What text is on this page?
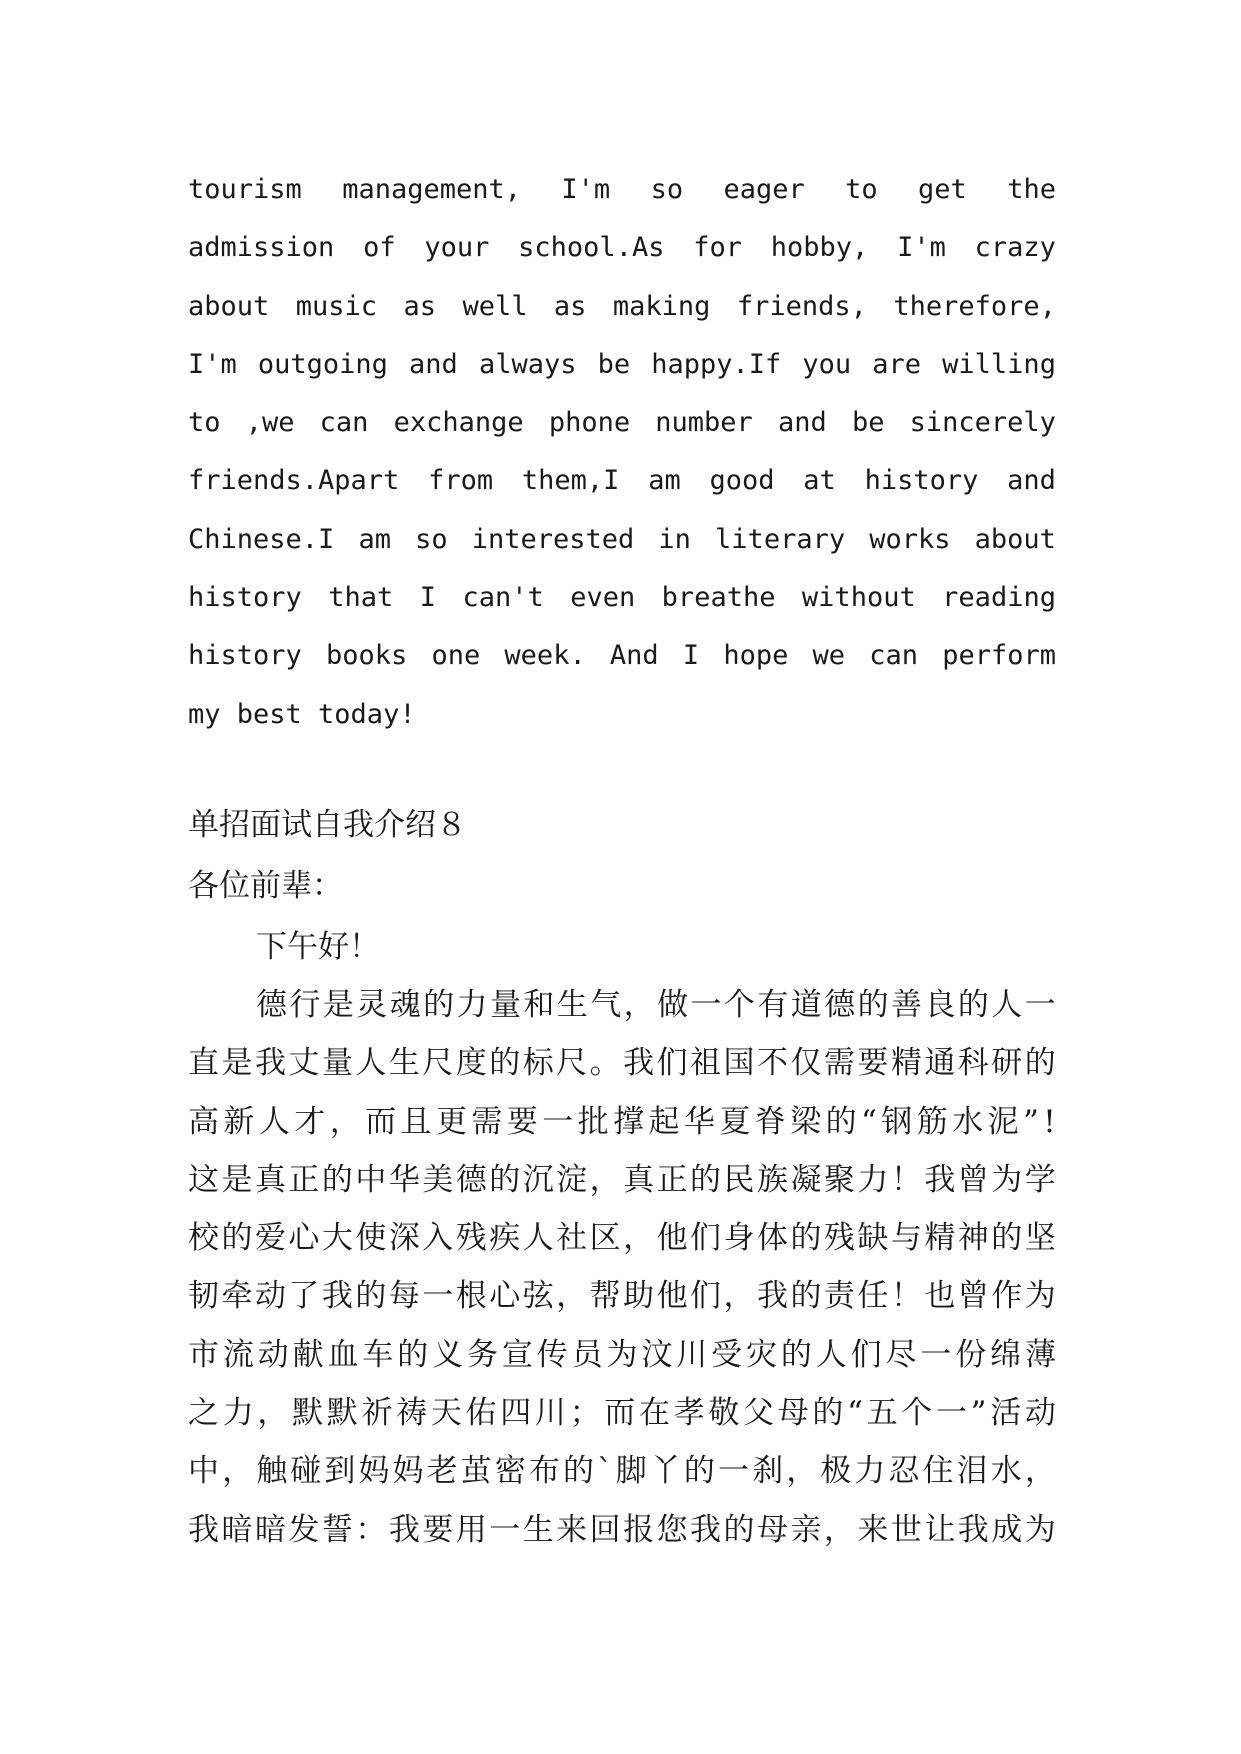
tourism management, I'm so eager to get the
admission of your school.As for hobby, I'm crazy
about music as well as making friends, therefore,
I'm outgoing and always be happy.If you are willing
to ,we can exchange phone number and be sincerely
friends.Apart from them,I am good at history and
Chinese.I am so interested in literary works about
history that I can't even breathe without reading
history books one week. And I hope we can perform
my best today!
单招面试自我介绍８
各位前辈：
下午好！
德 行 是 灵 魂 的 力 量 和 生 气 ， 做 一 个 有 道 德 的 善 良 的 人 一
直 是 我 丈 量 人 生 尺 度 的 标 尺 。 我 们 祖 国 不 仅 需 要 精 通 科 研 的
高 新 人 才 ， 而 且 更 需 要 一 批 撑 起 华 夏 脊 梁 的 “ 钢 筋 水 泥 ” !
这 是 真 正 的 中 华 美 德 的 沉 淀 ， 真 正 的 民 族 凝 聚 力 ！ 我 曾 为 学
校 的 爱 心 大 使 深 入 残 疾 人 社 区 ， 他 们 身 体 的 残 缺 与 精 神 的 坚
韧 牵 动 了 我 的 每 一 根 心 弦 ， 帮 助 他 们 ， 我 的 责 任 ！ 也 曾 作 为
市 流 动 献 血 车 的 义 务 宣 传 员 为 汶 川 受 灾 的 人 们 尽 一 份 绵 薄
之 力 ， 默 默 祈 祷 天 佑 四 川 ； 而 在 孝 敬 父 母 的 “ 五 个 一 ” 活 动
中 ， 触 碰 到 妈 妈 老 茧 密 布 的 ` 脚 丫 的 一 刹 ， 极 力 忍 住 泪 水 ，
我 暗 暗 发 誓 ： 我 要 用 一 生 来 回 报 您 我 的 母 亲 ， 来 世 让 我 成 为
